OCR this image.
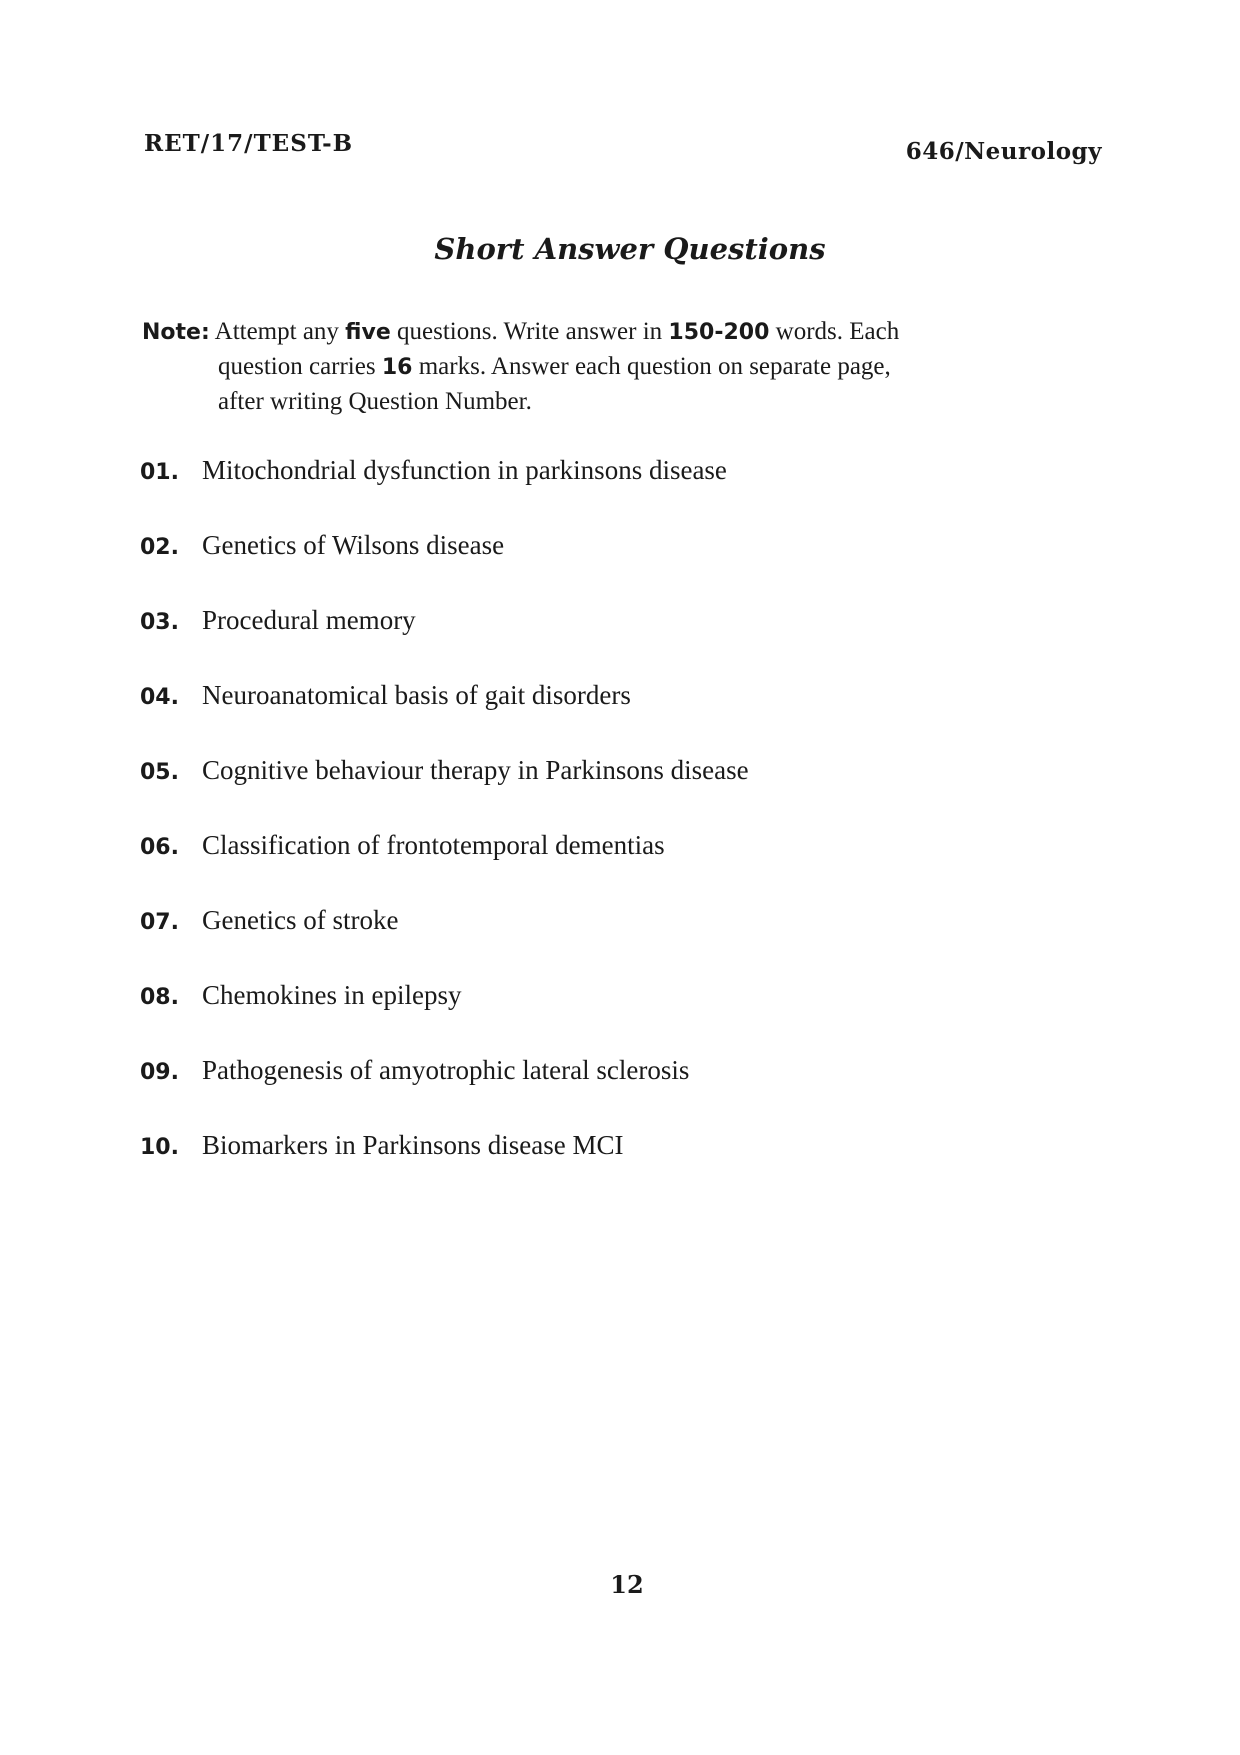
RET/17/TEST-B	646/Neurology
Short Answer Questions
Note: Attempt any five questions. Write answer in 150-200 words. Each
question carries 16 marks. Answer each question on separate page,
after writing Question Number.
01. Mitochondrial dysfunction in parkinsons disease
02. Genetics of Wilsons disease
03. Procedural memory
04. Neuroanatomical basis of gait disorders
05. Cognitive behaviour therapy in Parkinsons disease
06. Classification of frontotemporal dementias
07. Genetics of stroke
08. Chemokines in epilepsy
09. Pathogenesis of amyotrophic lateral sclerosis
10. Biomarkers in Parkinsons disease MCI
12
